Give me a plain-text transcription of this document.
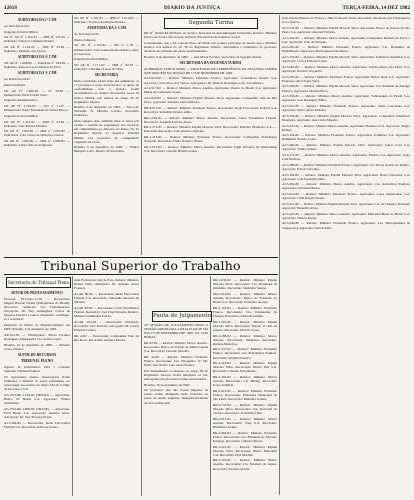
12618	DIARIO DA JUSTIÇA	TERÇA-FEIRA, 14 DEZ 1982

AUDITORIA DA 1ª CJM

Ao Réu Agravado:

Inquérito Policial Militar

SO Nº AP Nº 1.102-81 — IPM Nº 211-81 — Indiciado: Cleyson Clemente Pereira.

SO AP Nº 1.102-82 — IPM Nº 23-82 — Indiciado: Marinho dos Santos.

AUDITORIA DA 2ª CJM

SO AP Nº 1.486-82 — Inquérito nº 184-82 — Indiciado: Antonio Lúcio Pereira da Silva.

AUDITORIA DA 3ª CJM

Ao Réu Executado:

Pauta Ordinária

SO AP Nº 1.486-82 — Nº 38-82 — Denunciado: Elias Tozoni Silva.

Inquérito Administrativo

SO AP Nº 1.502-82 — PO nº 1.127 — Denunciado: Paulo Fernandes de Souza Barros.

Inquérito Policial Militar

SO AP Nº 1.412-82 — IPM nº 23-82 — Indiciado: João Batista Moreira.

SO AP Nº 1.503-82 — IPM nº 1.097-82 — Indiciados: José Carlos de Oliveira e outros.

SO AP Nº 1.504-82 — IPM nº 1.099-82 — Indiciado: Carlos Alberto Fagundes.

SO AP Nº 1.181-81 — IPM nº 1.010-82 — Indiciado: Teodoro Rodrigues Pereira.

AUDITORIA DA 5ª CJM

Ao Réu Agravado:

Pauta Ordinária

SO AP Nº 1.170-82 — PO nº 1-78 — Denunciados: José Gomes Rocha Irmão e outro (Consórcio).

Inquérito Policial Militar

SO AP Nº 1.171-82 — IPM nº 82-81 — Indiciado: Claudinei Lopes da Silva.

SECRETARIA

Nesta conclusão foram lidas nas audiências os 17 processos a cargo deste Relator, os quais, de conformidade com a decisão foram encaminhados ao Senhor Procurador Geral da Justiça Militar, nos termos do artigo 20 do Regimento Interno.

Brasília, 6 de dezembro de 1982. — Ten.-Cel. Sebastião de Oliveira Lobato, Secretário Judiciário.

Nesta mesma data, também lidos os autos sob exame, a reunião de julgamento dos recursos, em cumprimento ao disposto no artigo 79, do Regimento Interno do Superior Tribunal Militar, nos processos de competência originária da Corte.

Brasília, 6 de dezembro de 1982. — Walter Marques Lobo, Diretor de Secretaria.

Segunda Turma

RR Nº 10.562-82 (Fichário do Serviço Nacional de Aprendizagem Industrial). Relator: Ministro Pereira de Souza. Recorrente: Instituto Nacional de Previdência Social.

Considerando que o Dr. Gerson Pinto de Mello não poderá participar da sessão que o Ministro Relator, nos termos do art. 50 do Regimento Interno, determinou o adiamento do processo, devendo ser incluído em pauta oportunamente.

Brasília, 6 de dezembro de 1982. — Ana Maria Ferreira, Secretária da Segunda Turma.

SECRETARIA DA SEGUNDA TURMA

ACÓRDÃOS PUBLICADOS — PROCESSOS DE COMPETÊNCIA DA SEGUNDA TURMA QUE SEGUEM NA SESSÃO DE 13 DE DEZEMBRO DE 1982.

AI-4.910-82 — Relator: Ministro Fernando Franco. Agravante: Construtora Pereira S.A. Agravado: José Alves dos Santos. Advogados: Dr. Manoel Rodrigues e Dr. João Batista.

AI-4.917-82 — Relator: Ministro Marco Aurélio. Agravante: Banco do Brasil S.A. Agravado: Maria da Conceição Souza.

AI-4.918-82 — Relator: Ministro Pajehú Macedo Silva. Agravante: Companhia Vale do Rio Doce. Agravado: Antonio Carlos Ribeiro.

RR-8.911-81 — Relator: Ministro Fernando Franco. Recorrente: Rede Ferroviária Federal S.A. Recorrido: Sebastião Pereira Lima.

RR-1.004-82 — Relator: Ministro Marco Aurélio. Recorrente: Caixa Econômica Federal. Recorrido: Joaquim Ferreira Alves.

RR-1.271-82 — Relator: Ministro Pajehú Macedo Silva. Recorrente: Petróleo Brasileiro S.A. — Petrobrás. Recorrido: Luiz Antonio Mendes.

RR-1.413-82 — Relator: Ministro Fernando Franco. Recorrente: Companhia Siderúrgica Nacional. Recorrido: Paulo Roberto Nunes.

RR-1.812-82 — Relator: Ministro Marco Aurélio. Recorrente: Light Serviços de Eletricidade S.A. Recorrido: Geraldo Batista Souza.

José Pereira Barreto de Freitas e Júlio Fontoura Viana. Recorrido: Sindicato dos Empregados no Comércio.

AI-5.232-82 — Relator: Ministro Pajehú Macedo Silva. Agravante: Banco do Estado de São Paulo S.A. Agravado: Antonio Ferreira.

AI-5.250-82 — Relator: Ministro Marco Aurélio. Agravante: Companhia Paulista de Força e Luz. Agravado: João de Oliveira.

AI-5.261-82 — Relator: Ministro Fernando Franco. Agravante: Cia. Brasileira de Distribuição. Agravado: Maria Aparecida Santos.

AI-5.270-82 — Relator: Ministro Pajehú Macedo Silva. Agravante: Indústrias Reunidas S.A. Agravado: Carlos Eduardo Lima.

AI-5.283-82 — Relator: Ministro Marco Aurélio. Agravante: Viação Aérea São Paulo S.A. Agravado: Roberto Nogueira.

AI-5.291-82 — Relator: Ministro Fernando Franco. Agravante: Banco Real S.A. Agravado: Francisco das Chagas Silva.

AI-5.302-82 — Relator: Ministro Pajehú Macedo Silva. Agravante: Cia. Estadual de Energia Elétrica. Agravado: Manoel Pinto.

AI-5.316-82 — Relator: Ministro Marco Aurélio. Agravante: Volkswagen do Brasil S.A. Agravado: José Rodrigues Filho.

AI-5.322-82 — Relator: Ministro Fernando Franco. Agravante: Sadia Concórdia S.A. Agravado: Pedro Alves Teixeira.

AI-5.330-82 — Relator: Ministro Pajehú Macedo Silva. Agravante: Companhia Telefônica Brasileira. Agravado: Ana Lúcia Moreira.

AI-5.341-82 — Relator: Ministro Marco Aurélio. Agravante: Bradesco S.A. Agravado: Sérgio Ramos.

AI-5.352-82 — Relator: Ministro Fernando Franco. Agravante: Usiminas S.A. Agravado: Raimundo Nonato Costa.

AI-5.360-82 — Relator: Ministro Pajehú Macedo Silva. Agravante: Souza Cruz S.A. Agravado: Valdir Gomes.

AI-5.371-82 — Relator: Ministro Marco Aurélio. Agravante: Mesbla S.A. Agravado: Jorge Luiz Barbosa.

AI-5.380-82 — Relator: Ministro Fernando Franco. Agravante: Cia. Docas do Rio de Janeiro. Agravado: Edson Carvalho.

AI-5.394-82 — Relator: Ministro Pajehú Macedo Silva. Agravante: Banco Nacional S.A. Agravado: Luiz Fernando Melo.

AI-5.402-82 — Relator: Ministro Marco Aurélio. Agravante: Cia. Antarctica Paulista. Agravado: Osvaldo Ribeiro.

AI-5.415-82 — Relator: Ministro Fernando Franco. Agravante: Lojas Americanas S.A. Agravado: Célia Regina Souza.

AI-5.421-82 — Relator: Ministro Pajehú Macedo Silva. Agravante: Cia. de Cimento Portland. Agravado: Benedito Alves.

AI-5.433-82 — Relator: Ministro Marco Aurélio. Agravante: Mercedes-Benz do Brasil S.A. Agravado: Wilson Rocha.

AI-5.446-82 — Relator: Ministro Fernando Franco. Agravante: Cia. Metropolitana de Transportes. Agravado: Nelson Dias.

Tribunal Superior do Trabalho
Secretaria do Tribunal Pleno

SETOR DE PROCESSAMENTO

Processo TST-AR-111-82 — Recorrente: Miguel Bacelar Nunes (Embaixador do Brasil). Recorrido: Sindicato dos Trabalhadores. Advogado: Dr. Ney Ardengheri, Carlos de Queiroz Ferreira e outros. Despacho: certifique-se a secretaria.

Despacho do Exmo. Sr. Ministro-Relator: Ao MPT. Brasília, 3 de dezembro de 1982.

AR-102-82 — Embargante: Mário Ferreira Rodrigues. Embargado: Cia. Souza Lopes.

Brasília, 10 de dezembro de 1982. — Orlando Costa, Diretor.

SETOR DE RECURSOS

TRIBUNAL PLENO

Agravo de Instrumento Para o Colendo Supremo Tribunal Federal

Os Agravantes abaixo relacionados ficam intimados a minutar as peças pertinentes, no prazo legal, nos termos do artigo 544 do Código de Processo Civil.

AG-TST-RE-1.764-82 (TRT-RJ) — Agravante: Banco do Brasil S.A. Agravado: Walter Guimarães.

AG-TST-RE-1.800-82 (TRT-SP) — Agravante: Ford Brasil S.A. Agravado: Antonio Silva. Advogado: Dr. Ney Proença Doyle.

AI-5.396-82 — Recorrente: Rede Ferroviária Federal S.A. Recorrido: Adão de Souza.

dade Federal de Juiz de Fora. Relator: Ministro Barata Silva. Advogado: Dr. Antônio Alves Fonseca.

AI-AR 80-82 — Recorrente: Rede Ferroviária Federal S.A. Recorrido: Sebastião Moreira de Oliveira.

AI-AR 98-82 — Recorrente: Caixa Econômica Federal. Recorrido: José Dias Ferreira. Relator: Ministro Guimarães Falcão.

AI-AR 102-82 — Recorrente: Petrobrás. Recorrido: Luiz Ferreira. Advogado: Dr. Carlos Eduardo Lemos.

RR 4-82 — Recorrente: Companhia Vale do Rio Doce. Recorrido: Antonio Pereira.

Pauta de Julgamento

31ª SESSÃO DE JULGAMENTO PARA A SESSÃO ORDINÁRIA A REALIZAR-SE NO DIA 15 DE DEZEMBRO DE 1982, ÀS 13:00 HORAS.

RR 02-82 — Relator: Ministro Marco Aurélio. Recorrente: Banco do Estado de Minas Gerais S.A. Recorrido: Geraldo Martins.

RR 52-82 — Relator: Ministro Fernando Franco. Recorrente: Cia. Energética de São Paulo. Recorrido: João Alves Pereira.

Em cumprimento ao disposto no artigo 86 do Regimento Interno, ficam intimados os Srs. Advogados dos processos acima relacionados.

Brasília, 10 de dezembro de 1982.

Os processos que não forem julgados na sessão acima designada serão incluídos na pauta da sessão seguinte, independentemente de nova publicação.

RR-1.930-82 — Relator: Ministro Pajehú Macedo Silva. Recorrente: Cia. Brasileira de Alumínio. Recorrido: Valdemar Santos.

RR-2.014-82 — Relator: Ministro Marco Aurélio. Recorrente: Banco do Nordeste do Brasil S.A. Recorrido: Francisco Araújo.

RR-2.116-82 — Relator: Ministro Fernando Franco. Recorrente: Cia. Paranaense de Energia. Recorrido: Irineu Kowalski.

RR-2.201-82 — Relator: Ministro Pajehú Macedo Silva. Recorrente: Estado do Rio de Janeiro. Recorrido: Moacir Lopes.

RR-2.288-82 — Relator: Ministro Marco Aurélio. Recorrente: Embratel. Recorrido: Rubens Medeiros.

RR-2.347-82 — Relator: Ministro Fernando Franco. Recorrente: Cia. Siderúrgica Paulista. Recorrido: Ademir Fonseca.

RR-2.419-82 — Relator: Ministro Pajehú Macedo Silva. Recorrente: Banco Itaú S.A. Recorrido: Cláudio Nascimento.

RR-2.502-82 — Relator: Ministro Marco Aurélio. Recorrente: Cia. Hering. Recorrido: Ivone Schmidt.

RR-2.610-82 — Relator: Ministro Fernando Franco. Recorrente: Prefeitura Municipal de São Paulo. Recorrido: Reinaldo Gomes.

RR-2.733-82 — Relator: Ministro Pajehú Macedo Silva. Recorrente: Cia. Nacional de Tecidos. Recorrido: Terezinha Lima.

RR-2.815-82 — Relator: Ministro Marco Aurélio. Recorrente: Vasp S.A. Recorrido: Humberto Araújo.

RR-2.904-82 — Relator: Ministro Fernando Franco. Recorrente: Cia. Brasileira de Petróleo Ipiranga. Recorrido: Gilberto Moura.

RR-3.021-82 — Relator: Ministro Pajehú Macedo Silva. Recorrente: Banco Mercantil S.A. Recorrido: Elza Martins.

RR-3.118-82 — Relator: Ministro Marco Aurélio. Recorrente: Cia. Estadual de Águas. Recorrido: Evaristo Rocha.
